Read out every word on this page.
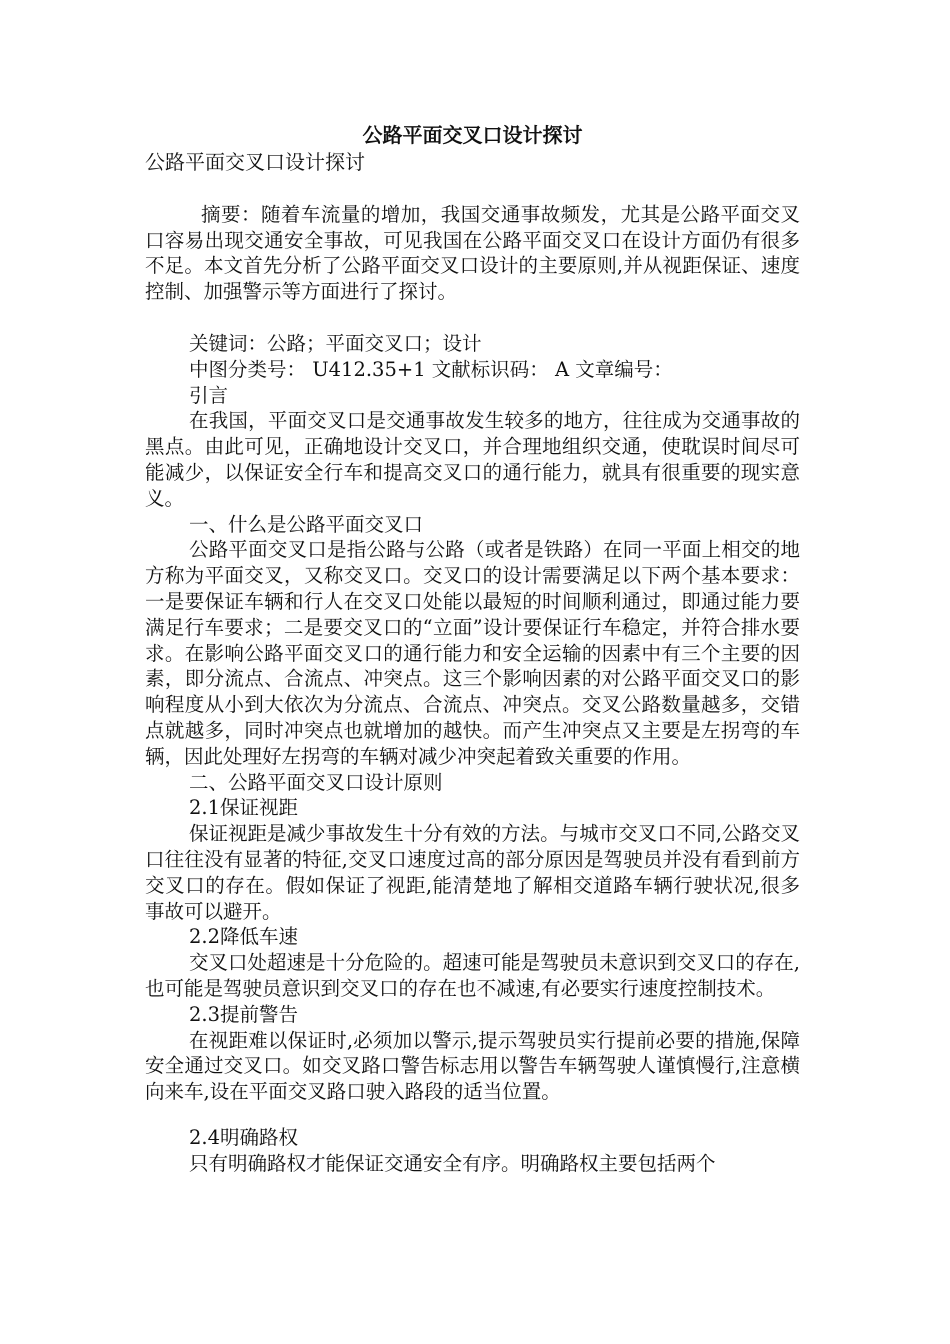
公路平面交叉口设计探讨
公路平面交叉口设计探讨

摘要：随着车流量的增加，我国交通事故频发，尤其是公路平面交叉口容易出现交通安全事故，可见我国在公路平面交叉口在设计方面仍有很多不足。本文首先分析了公路平面交叉口设计的主要原则,并从视距保证、速度控制、加强警示等方面进行了探讨。

关键词：公路；平面交叉口；设计

中图分类号： U412.35+1 文献标识码： A 文章编号：

引言

在我国，平面交叉口是交通事故发生较多的地方，往往成为交通事故的黑点。由此可见，正确地设计交叉口，并合理地组织交通，使耽误时间尽可能减少，以保证安全行车和提高交叉口的通行能力，就具有很重要的现实意义。

一、什么是公路平面交叉口

公路平面交叉口是指公路与公路（或者是铁路）在同一平面上相交的地方称为平面交叉，又称交叉口。交叉口的设计需要满足以下两个基本要求：一是要保证车辆和行人在交叉口处能以最短的时间顺利通过，即通过能力要满足行车要求；二是要交叉口的“立面”设计要保证行车稳定，并符合排水要求。在影响公路平面交叉口的通行能力和安全运输的因素中有三个主要的因素，即分流点、合流点、冲突点。这三个影响因素的对公路平面交叉口的影响程度从小到大依次为分流点、合流点、冲突点。交叉公路数量越多，交错点就越多，同时冲突点也就增加的越快。而产生冲突点又主要是左拐弯的车辆，因此处理好左拐弯的车辆对减少冲突起着致关重要的作用。

二、公路平面交叉口设计原则

2.1保证视距

保证视距是减少事故发生十分有效的方法。与城市交叉口不同,公路交叉口往往没有显著的特征,交叉口速度过高的部分原因是驾驶员并没有看到前方交叉口的存在。假如保证了视距,能清楚地了解相交道路车辆行驶状况,很多事故可以避开。

2.2降低车速

交叉口处超速是十分危险的。超速可能是驾驶员未意识到交叉口的存在,也可能是驾驶员意识到交叉口的存在也不减速,有必要实行速度控制技术。

2.3提前警告

在视距难以保证时,必须加以警示,提示驾驶员实行提前必要的措施,保障安全通过交叉口。如交叉路口警告标志用以警告车辆驾驶人谨慎慢行,注意横向来车,设在平面交叉路口驶入路段的适当位置。

2.4明确路权

只有明确路权才能保证交通安全有序。明确路权主要包括两个
